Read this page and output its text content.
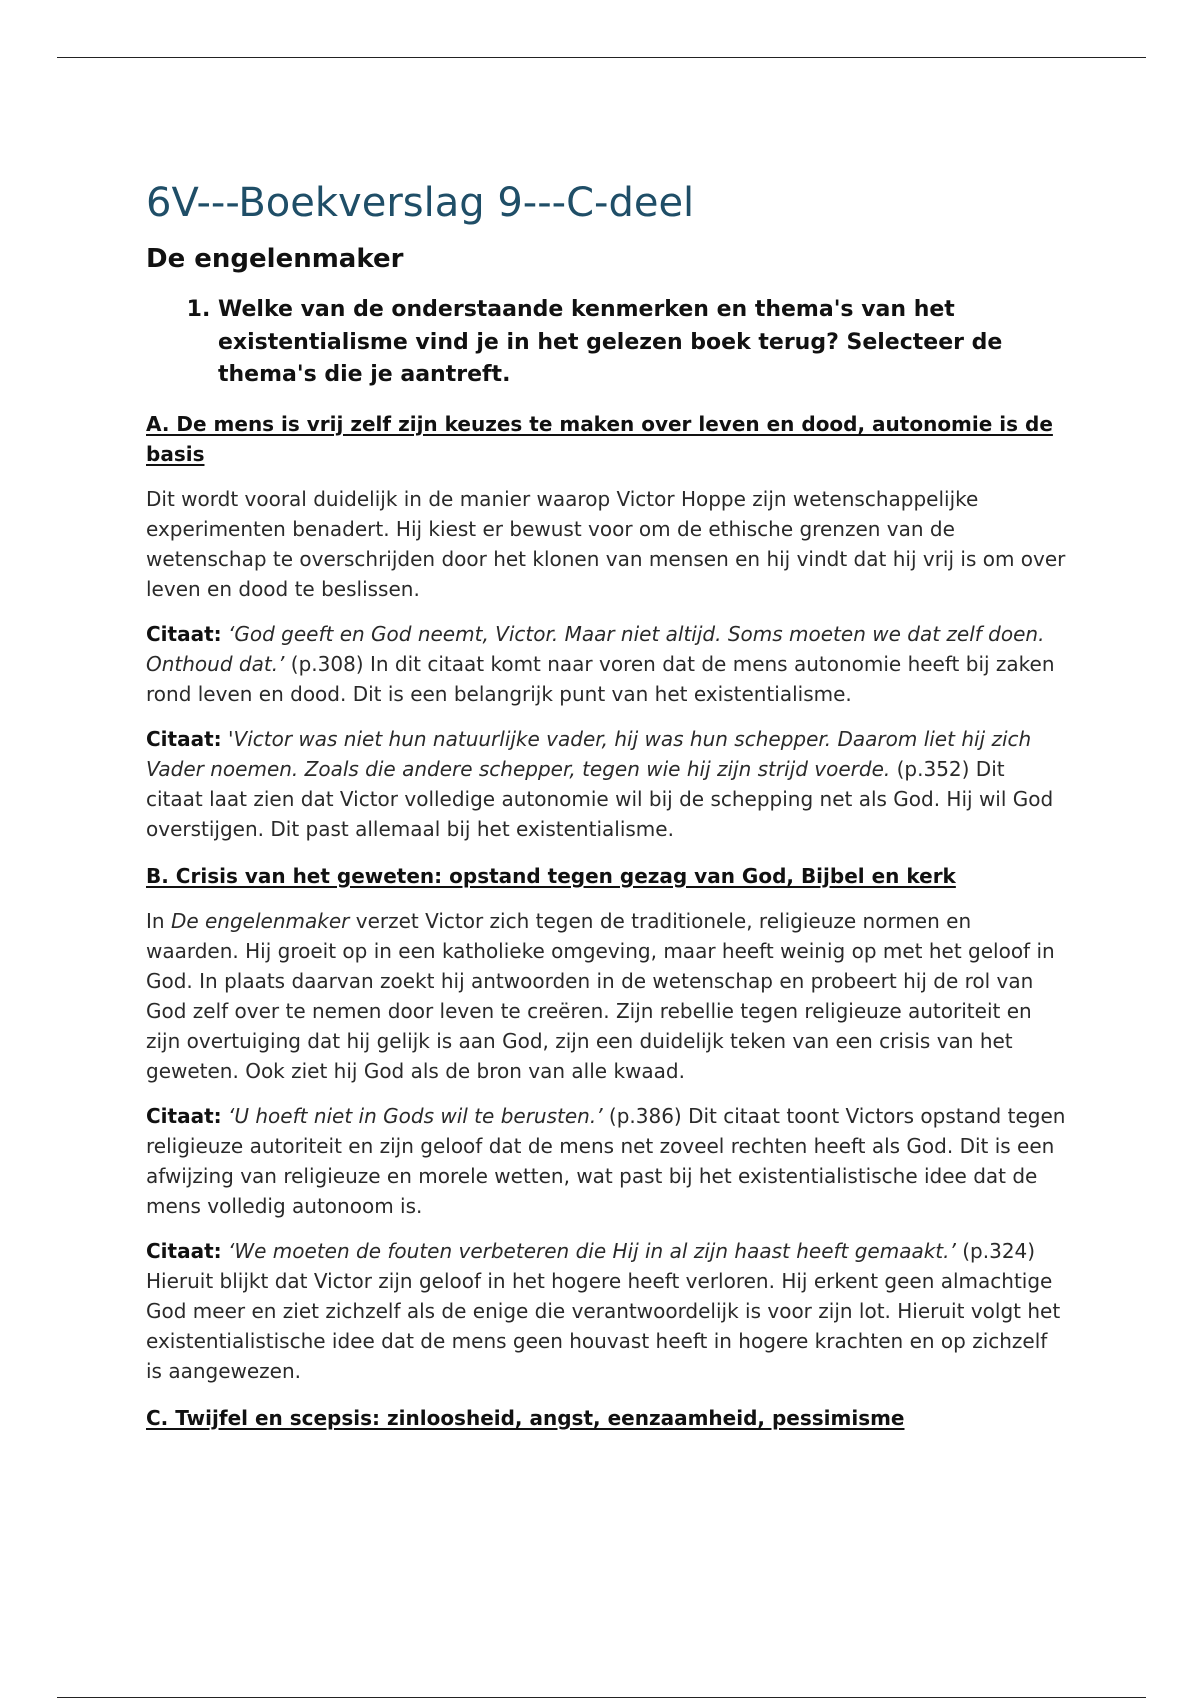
6V---Boekverslag 9---C-deel
De engelenmaker
1. Welke van de onderstaande kenmerken en thema's van het existentialisme vind je in het gelezen boek terug? Selecteer de thema's die je aantreft.
A. De mens is vrij zelf zijn keuzes te maken over leven en dood, autonomie is de basis

Dit wordt vooral duidelijk in de manier waarop Victor Hoppe zijn wetenschappelijke experimenten benadert. Hij kiest er bewust voor om de ethische grenzen van de wetenschap te overschrijden door het klonen van mensen en hij vindt dat hij vrij is om over leven en dood te beslissen.

Citaat: ‘God geeft en God neemt, Victor. Maar niet altijd. Soms moeten we dat zelf doen. Onthoud dat.’ (p.308) In dit citaat komt naar voren dat de mens autonomie heeft bij zaken rond leven en dood. Dit is een belangrijk punt van het existentialisme.

Citaat: 'Victor was niet hun natuurlijke vader, hij was hun schepper. Daarom liet hij zich Vader noemen. Zoals die andere schepper, tegen wie hij zijn strijd voerde. (p.352) Dit citaat laat zien dat Victor volledige autonomie wil bij de schepping net als God. Hij wil God overstijgen. Dit past allemaal bij het existentialisme.

B. Crisis van het geweten: opstand tegen gezag van God, Bijbel en kerk

In De engelenmaker verzet Victor zich tegen de traditionele, religieuze normen en waarden. Hij groeit op in een katholieke omgeving, maar heeft weinig op met het geloof in God. In plaats daarvan zoekt hij antwoorden in de wetenschap en probeert hij de rol van God zelf over te nemen door leven te creëren. Zijn rebellie tegen religieuze autoriteit en zijn overtuiging dat hij gelijk is aan God, zijn een duidelijk teken van een crisis van het geweten. Ook ziet hij God als de bron van alle kwaad.

Citaat: ‘U hoeft niet in Gods wil te berusten.’ (p.386) Dit citaat toont Victors opstand tegen religieuze autoriteit en zijn geloof dat de mens net zoveel rechten heeft als God. Dit is een afwijzing van religieuze en morele wetten, wat past bij het existentialistische idee dat de mens volledig autonoom is.

Citaat: ‘We moeten de fouten verbeteren die Hij in al zijn haast heeft gemaakt.’ (p.324) Hieruit blijkt dat Victor zijn geloof in het hogere heeft verloren. Hij erkent geen almachtige God meer en ziet zichzelf als de enige die verantwoordelijk is voor zijn lot. Hieruit volgt het existentialistische idee dat de mens geen houvast heeft in hogere krachten en op zichzelf is aangewezen.

C. Twijfel en scepsis: zinloosheid, angst, eenzaamheid, pessimisme
